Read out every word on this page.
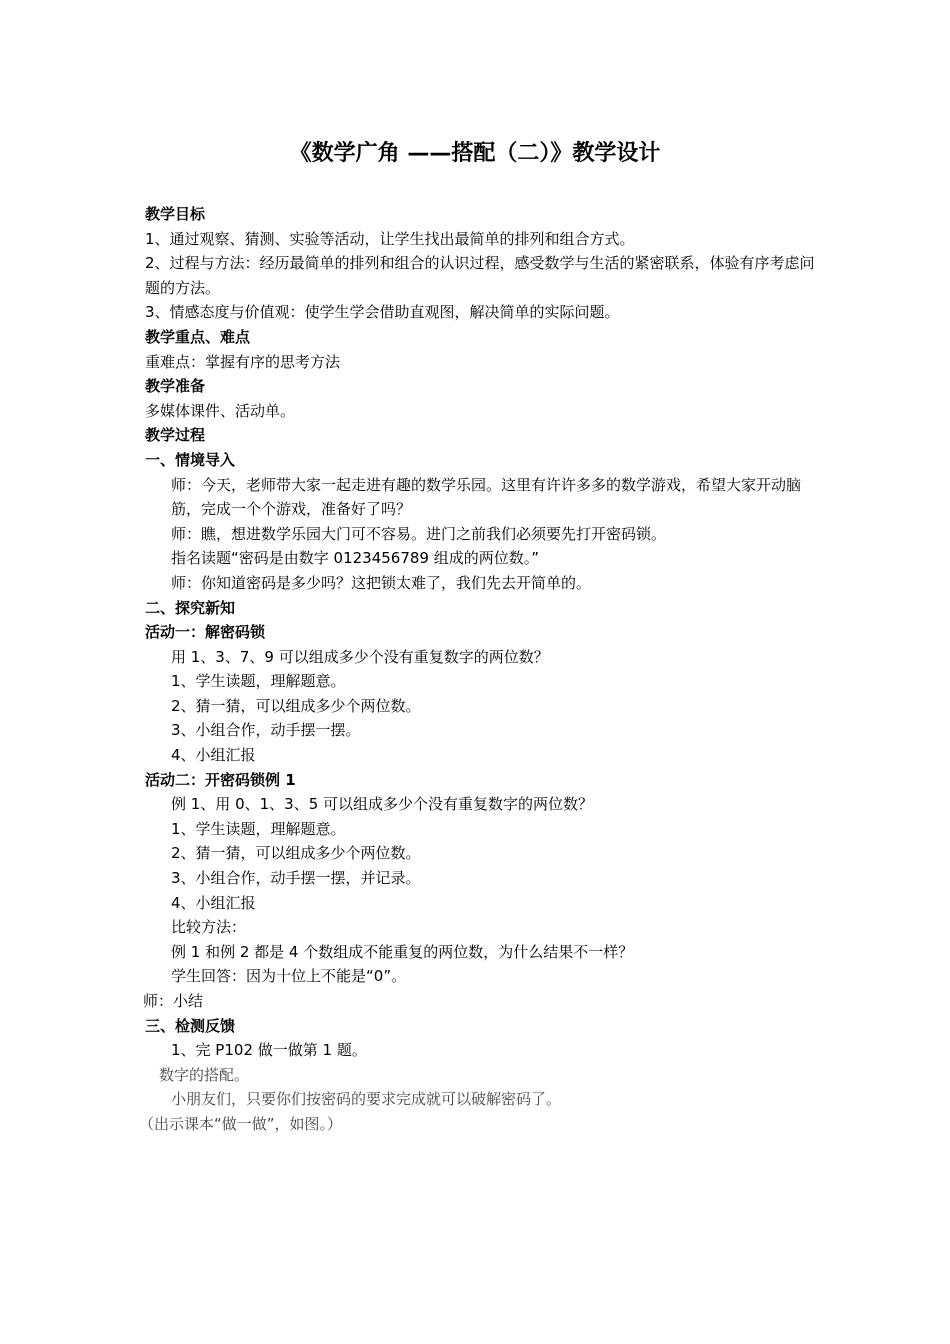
《数学广角 ——搭配（二）》教学设计
教学目标
1、通过观察、猜测、实验等活动，让学生找出最简单的排列和组合方式。
2、过程与方法：经历最简单的排列和组合的认识过程，感受数学与生活的紧密联系，体验有序考虑问题的方法。
3、情感态度与价值观：使学生学会借助直观图，解决简单的实际问题。
教学重点、难点
重难点：掌握有序的思考方法
教学准备
多媒体课件、活动单。
教学过程
一、情境导入
师：今天，老师带大家一起走进有趣的数学乐园。这里有许许多多的数学游戏，希望大家开动脑筋，完成一个个游戏，准备好了吗？
师：瞧，想进数学乐园大门可不容易。进门之前我们必须要先打开密码锁。
指名读题“密码是由数字 0123456789 组成的两位数。”
师：你知道密码是多少吗？这把锁太难了，我们先去开简单的。
二、探究新知
活动一：解密码锁
用 1、3、7、9 可以组成多少个没有重复数字的两位数？
1、学生读题，理解题意。
2、猜一猜，可以组成多少个两位数。
3、小组合作，动手摆一摆。
4、小组汇报
活动二：开密码锁例 1
例 1、用 0、1、3、5 可以组成多少个没有重复数字的两位数？
1、学生读题，理解题意。
2、猜一猜，可以组成多少个两位数。
3、小组合作，动手摆一摆，并记录。
4、小组汇报
比较方法：
例 1 和例 2 都是 4 个数组成不能重复的两位数，为什么结果不一样？
学生回答：因为十位上不能是“0”。
师：小结
三、检测反馈
1、完 P102 做一做第 1 题。
数字的搭配。
小朋友们，只要你们按密码的要求完成就可以破解密码了。
（出示课本“做一做”，如图。）
